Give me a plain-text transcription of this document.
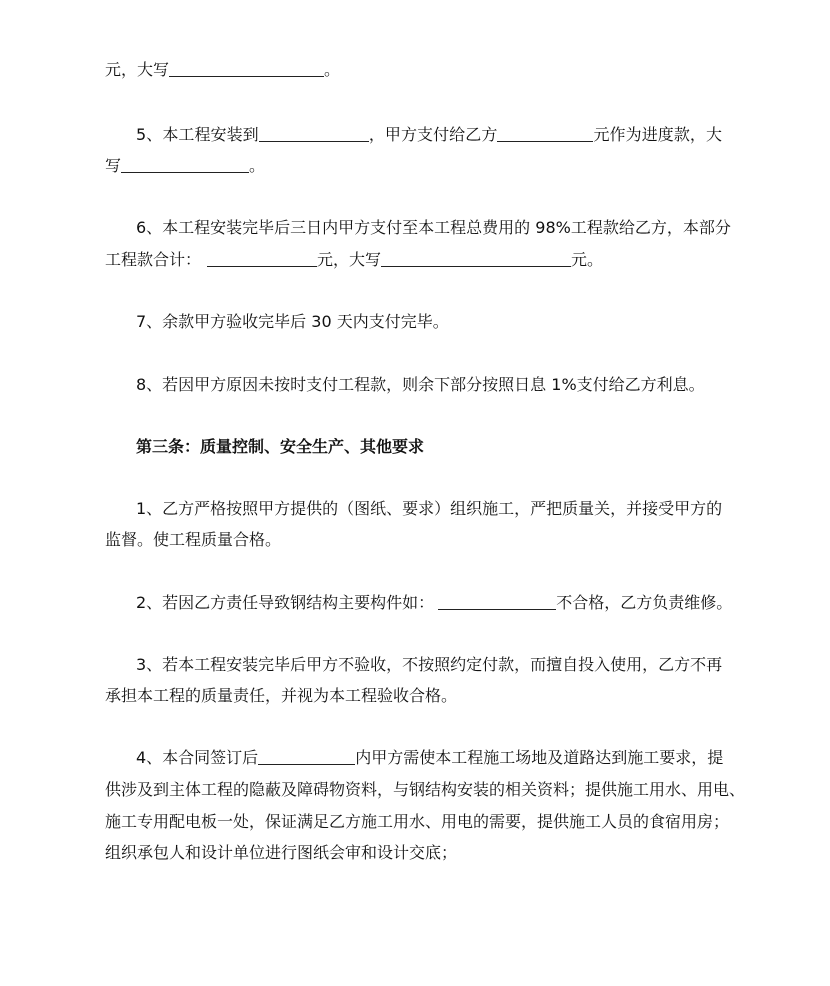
元，大写	。
5、本工程安装到	，甲方支付给乙方	元作为进度款，大
写	。
6、本工程安装完毕后三日内甲方支付至本工程总费用的 98%工程款给乙方，本部分
工程款合计：	元，大写	元。
7、余款甲方验收完毕后 30 天内支付完毕。
8、若因甲方原因未按时支付工程款，则余下部分按照日息 1%支付给乙方利息。
第三条：质量控制、安全生产、其他要求
1、乙方严格按照甲方提供的（图纸、要求）组织施工，严把质量关，并接受甲方的
监督。使工程质量合格。
2、若因乙方责任导致钢结构主要构件如：	不合格，乙方负责维修。
3、若本工程安装完毕后甲方不验收，不按照约定付款，而擅自投入使用，乙方不再
承担本工程的质量责任，并视为本工程验收合格。
4、本合同签订后	内甲方需使本工程施工场地及道路达到施工要求，提
供涉及到主体工程的隐蔽及障碍物资料，与钢结构安装的相关资料；提供施工用水、用电、
施工专用配电板一处，保证满足乙方施工用水、用电的需要，提供施工人员的食宿用房；
组织承包人和设计单位进行图纸会审和设计交底；
